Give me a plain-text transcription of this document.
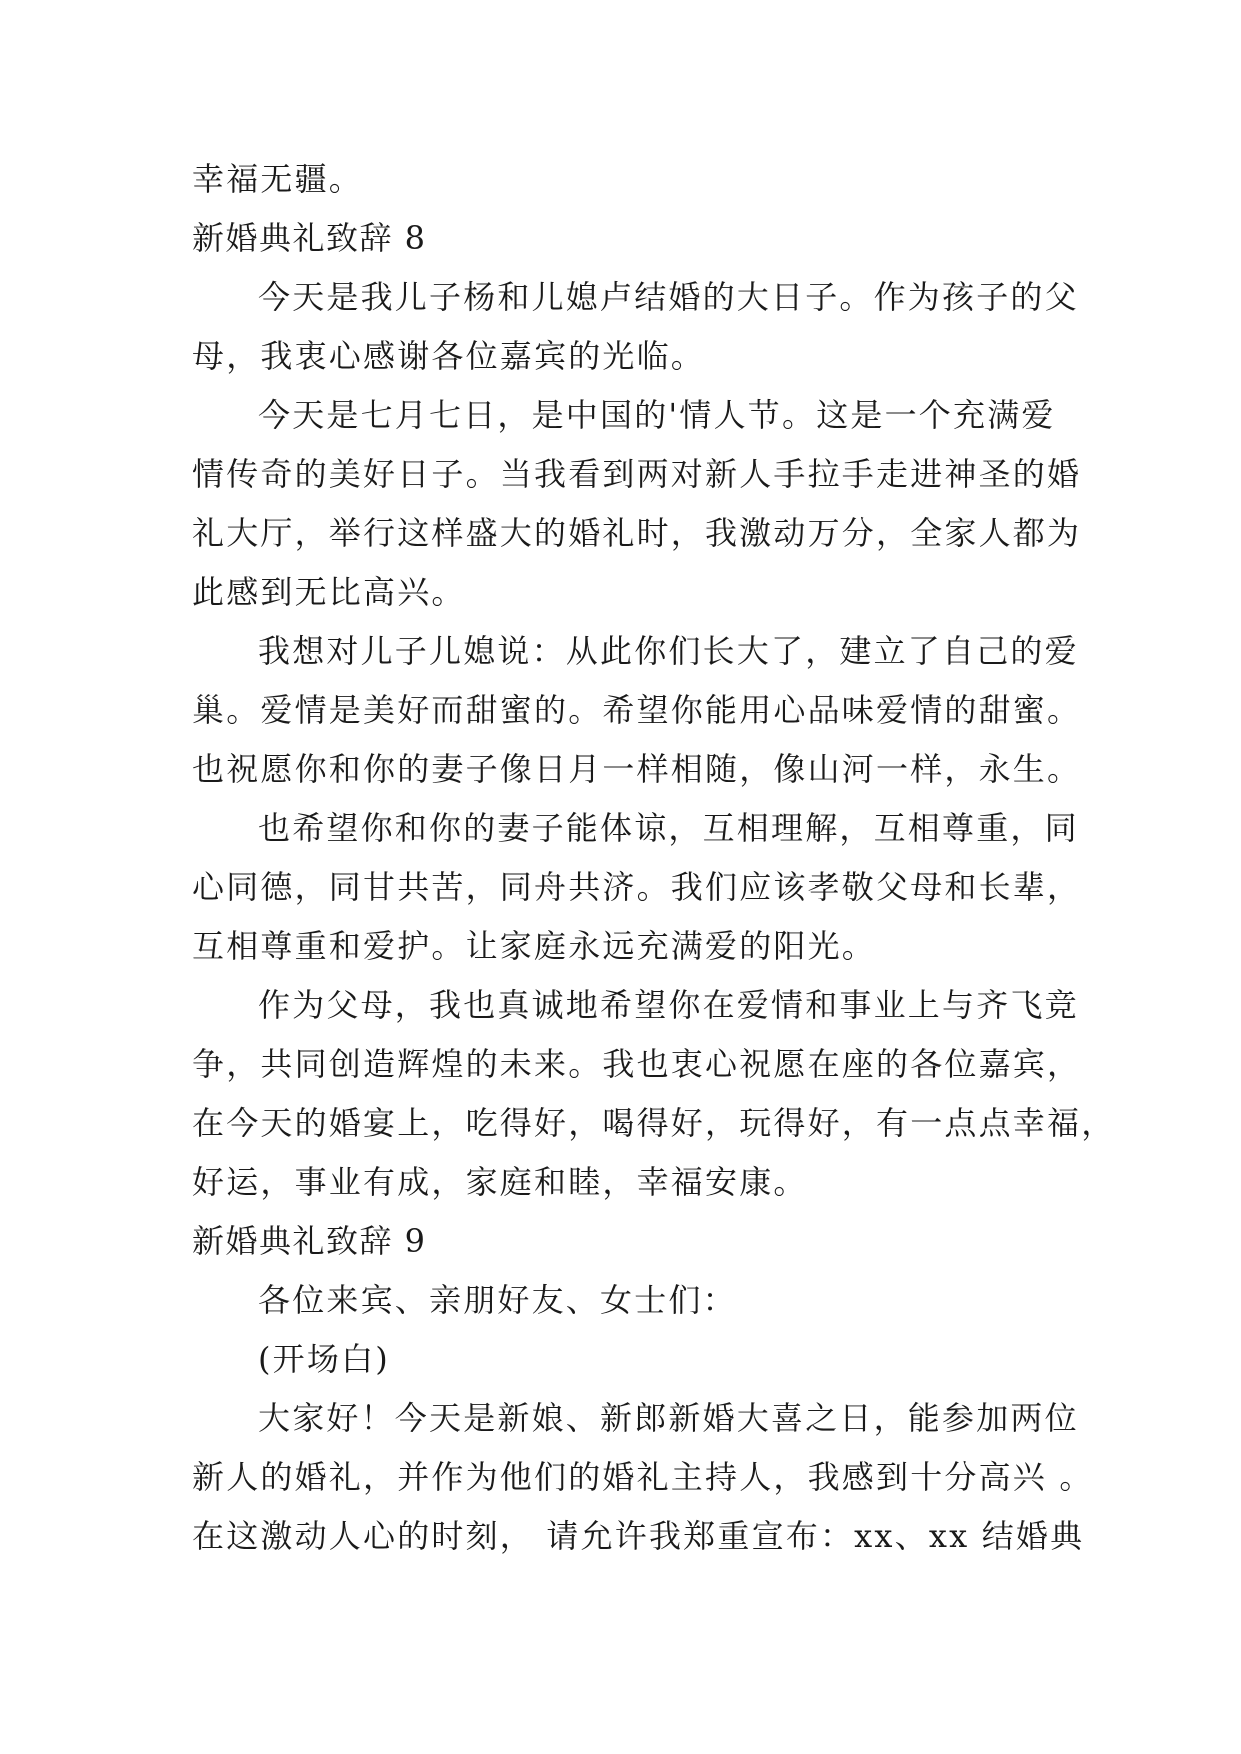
幸福无疆。
新婚典礼致辞 8
今天是我儿子杨和儿媳卢结婚的大日子。作为孩子的父
母，我衷心感谢各位嘉宾的光临。
今天是七月七日，是中国的'情人节。这是一个充满爱
情传奇的美好日子。当我看到两对新人手拉手走进神圣的婚
礼大厅，举行这样盛大的婚礼时，我激动万分，全家人都为
此感到无比高兴。
我想对儿子儿媳说：从此你们长大了，建立了自己的爱
巢。爱情是美好而甜蜜的。希望你能用心品味爱情的甜蜜。
也祝愿你和你的妻子像日月一样相随，像山河一样，永生。
也希望你和你的妻子能体谅，互相理解，互相尊重，同
心同德，同甘共苦，同舟共济。我们应该孝敬父母和长辈，
互相尊重和爱护。让家庭永远充满爱的阳光。
作为父母，我也真诚地希望你在爱情和事业上与齐飞竞
争，共同创造辉煌的未来。我也衷心祝愿在座的各位嘉宾，
在今天的婚宴上，吃得好，喝得好，玩得好，有一点点幸福，
好运，事业有成，家庭和睦，幸福安康。
新婚典礼致辞 9
各位来宾、亲朋好友、女士们：
(开场白)
大家好！今天是新娘、新郎新婚大喜之日，能参加两位
新人的婚礼，并作为他们的婚礼主持人，我感到十分高兴 。
在这激动人心的时刻， 请允许我郑重宣布：xx、xx 结婚典
